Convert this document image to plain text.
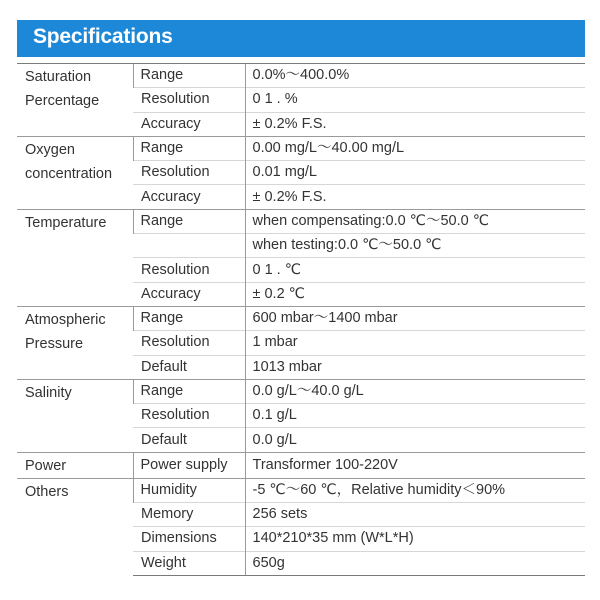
Specifications
Saturation
Percentage	Range	0.0%～400.0%
	Resolution	0 1 . %
	Accuracy	± 0.2% F.S.

Oxygen
concentration	Range	0.00 mg/L～40.00 mg/L
	Resolution	0.01 mg/L
	Accuracy	± 0.2% F.S.

Temperature	Range	when compensating:0.0 ℃～50.0 ℃
		when testing:0.0 ℃～50.0 ℃
	Resolution	0 1 . ℃
	Accuracy	± 0.2 ℃

Atmospheric
Pressure	Range	600 mbar～1400 mbar
	Resolution	1 mbar
	Default	1013 mbar

Salinity	Range	0.0 g/L～40.0 g/L
	Resolution	0.1 g/L
	Default	0.0 g/L

Power	Power supply	Transformer 100-220V

Others	Humidity	-5 ℃～60 ℃，Relative humidity＜90%
	Memory	256 sets
	Dimensions	140*210*35 mm (W*L*H)
	Weight	650g
